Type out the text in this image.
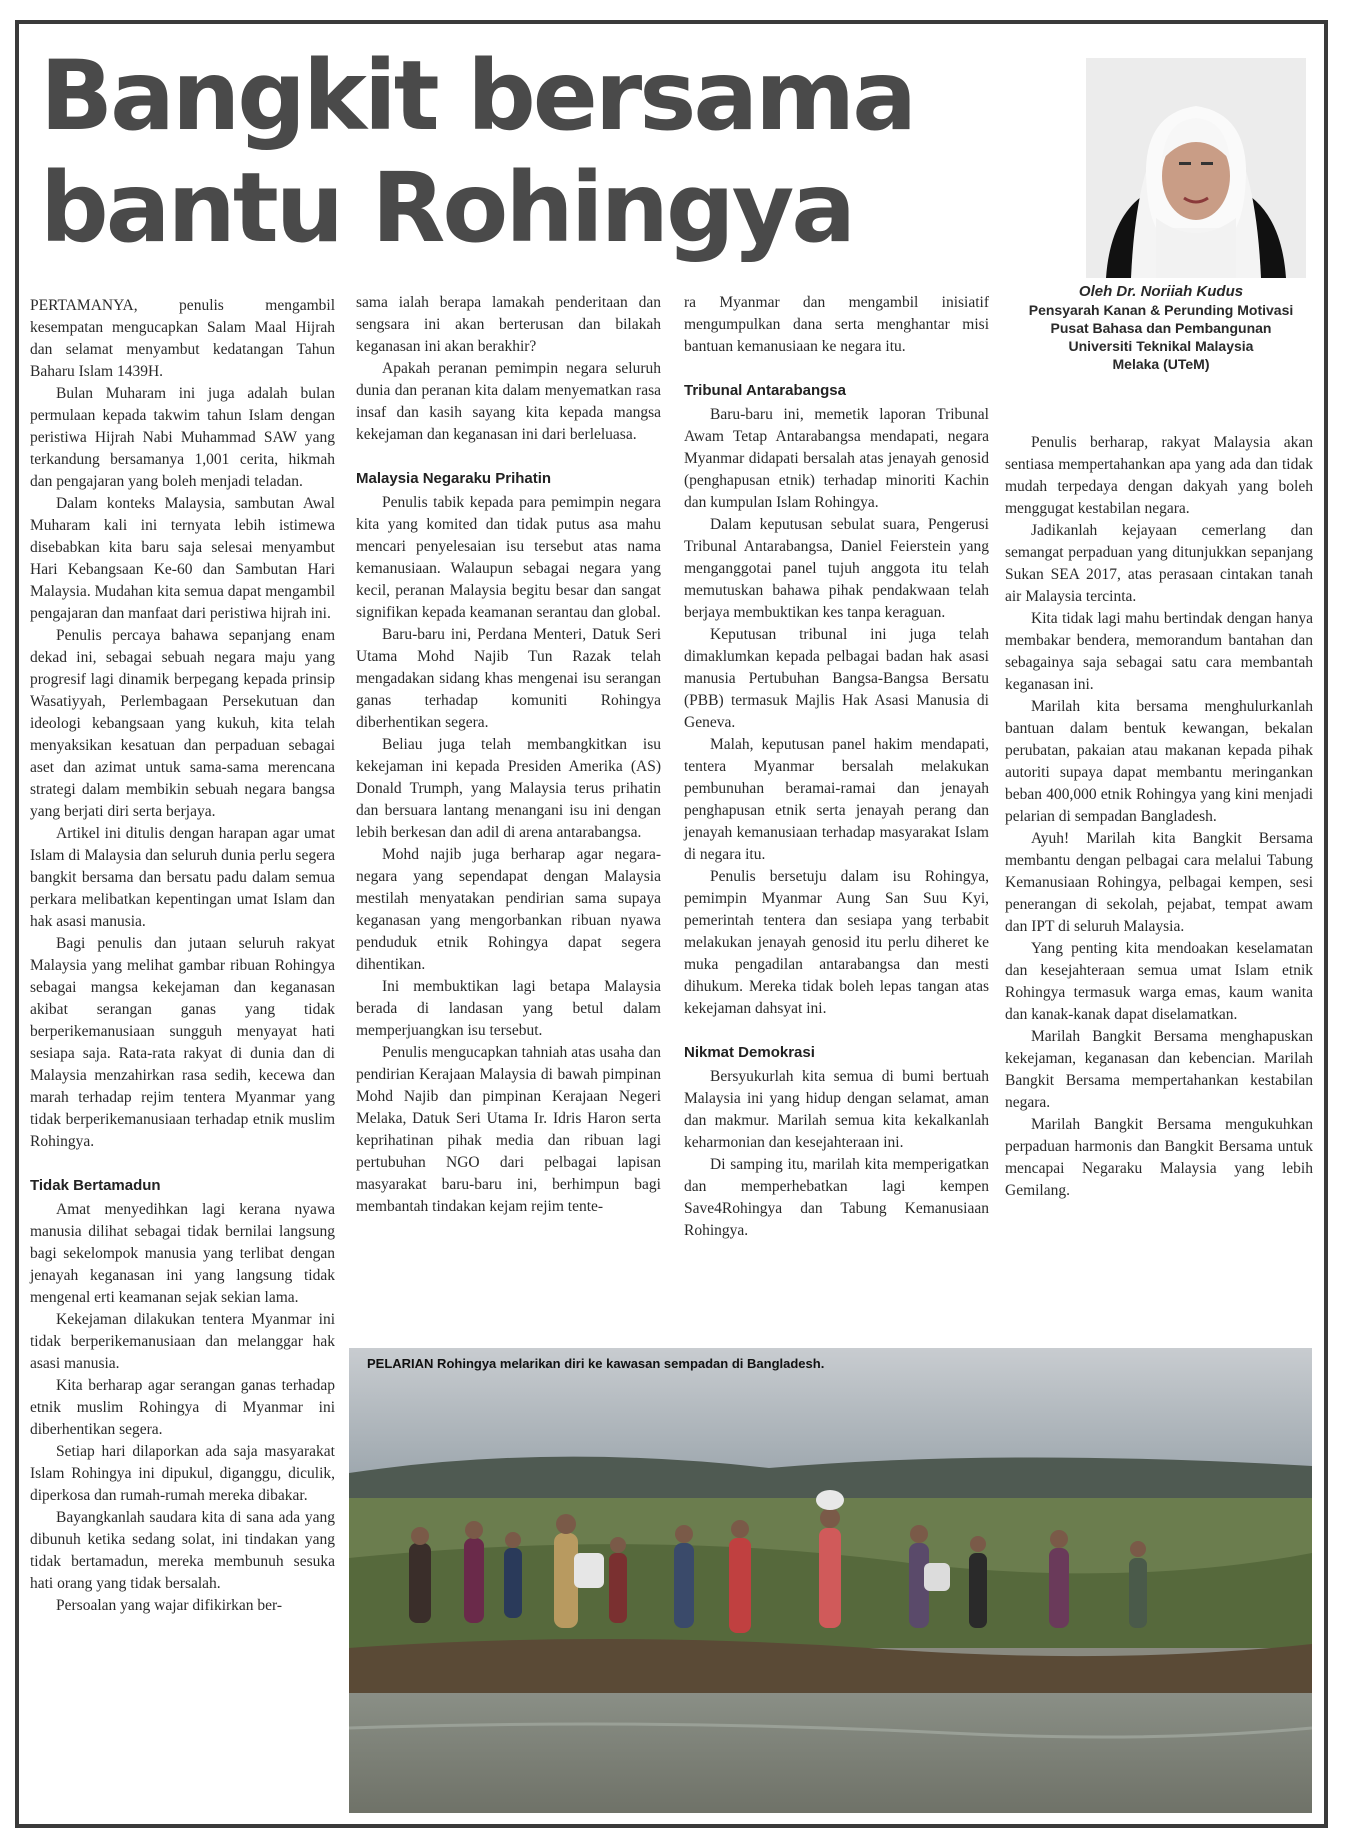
Bangkit bersama
bantu Rohingya
Oleh Dr. Noriiah Kudus
Pensyarah Kanan & Perunding Motivasi
Pusat Bahasa dan Pembangunan
Universiti Teknikal Malaysia
Melaka (UTeM)

PERTAMANYA, penulis mengambil kesempatan mengucapkan Salam Maal Hijrah dan selamat menyambut kedatangan Tahun Baharu Islam 1439H.

Bulan Muharam ini juga adalah bulan permulaan kepada takwim tahun Islam dengan peristiwa Hijrah Nabi Muhammad SAW yang terkandung bersamanya 1,001 cerita, hikmah dan pengajaran yang boleh menjadi teladan.

Dalam konteks Malaysia, sambutan Awal Muharam kali ini ternyata lebih istimewa disebabkan kita baru saja selesai menyambut Hari Kebangsaan Ke-60 dan Sambutan Hari Malaysia. Mudahan kita semua dapat mengambil pengajaran dan manfaat dari peristiwa hijrah ini.

Penulis percaya bahawa sepanjang enam dekad ini, sebagai sebuah negara maju yang progresif lagi dinamik berpegang kepada prinsip Wasatiyyah, Perlembagaan Persekutuan dan ideologi kebangsaan yang kukuh, kita telah menyaksikan kesatuan dan perpaduan sebagai aset dan azimat untuk sama-sama merencana strategi dalam membikin sebuah negara bangsa yang berjati diri serta berjaya.

Artikel ini ditulis dengan harapan agar umat Islam di Malaysia dan seluruh dunia perlu segera bangkit bersama dan bersatu padu dalam semua perkara melibatkan kepentingan umat Islam dan hak asasi manusia.

Bagi penulis dan jutaan seluruh rakyat Malaysia yang melihat gambar ribuan Rohingya sebagai mangsa kekejaman dan keganasan akibat serangan ganas yang tidak berperikemanusiaan sungguh menyayat hati sesiapa saja. Rata-rata rakyat di dunia dan di Malaysia menzahirkan rasa sedih, kecewa dan marah terhadap rejim tentera Myanmar yang tidak berperikemanusiaan terhadap etnik muslim Rohingya.

Tidak Bertamadun

Amat menyedihkan lagi kerana nyawa manusia dilihat sebagai tidak bernilai langsung bagi sekelompok manusia yang terlibat dengan jenayah keganasan ini yang langsung tidak mengenal erti keamanan sejak sekian lama.

Kekejaman dilakukan tentera Myanmar ini tidak berperikemanusiaan dan melanggar hak asasi manusia.

Kita berharap agar serangan ganas terhadap etnik muslim Rohingya di Myanmar ini diberhentikan segera.

Setiap hari dilaporkan ada saja masyarakat Islam Rohingya ini dipukul, diganggu, diculik, diperkosa dan rumah-rumah mereka dibakar.

Bayangkanlah saudara kita di sana ada yang dibunuh ketika sedang solat, ini tindakan yang tidak bertamadun, mereka membunuh sesuka hati orang yang tidak bersalah.

Persoalan yang wajar difikirkan ber-

sama ialah berapa lamakah penderitaan dan sengsara ini akan berterusan dan bilakah keganasan ini akan berakhir?

Apakah peranan pemimpin negara seluruh dunia dan peranan kita dalam menyematkan rasa insaf dan kasih sayang kita kepada mangsa kekejaman dan keganasan ini dari berleluasa.

Malaysia Negaraku Prihatin

Penulis tabik kepada para pemimpin negara kita yang komited dan tidak putus asa mahu mencari penyelesaian isu tersebut atas nama kemanusiaan. Walaupun sebagai negara yang kecil, peranan Malaysia begitu besar dan sangat signifikan kepada keamanan serantau dan global.

Baru-baru ini, Perdana Menteri, Datuk Seri Utama Mohd Najib Tun Razak telah mengadakan sidang khas mengenai isu serangan ganas terhadap komuniti Rohingya diberhentikan segera.

Beliau juga telah membangkitkan isu kekejaman ini kepada Presiden Amerika (AS) Donald Trumph, yang Malaysia terus prihatin dan bersuara lantang menangani isu ini dengan lebih berkesan dan adil di arena antarabangsa.

Mohd najib juga berharap agar negara-negara yang sependapat dengan Malaysia mestilah menyatakan pendirian sama supaya keganasan yang mengorbankan ribuan nyawa penduduk etnik Rohingya dapat segera dihentikan.

Ini membuktikan lagi betapa Malaysia berada di landasan yang betul dalam memperjuangkan isu tersebut.

Penulis mengucapkan tahniah atas usaha dan pendirian Kerajaan Malaysia di bawah pimpinan Mohd Najib dan pimpinan Kerajaan Negeri Melaka, Datuk Seri Utama Ir. Idris Haron serta keprihatinan pihak media dan ribuan lagi pertubuhan NGO dari pelbagai lapisan masyarakat baru-baru ini, berhimpun bagi membantah tindakan kejam rejim tente-

ra Myanmar dan mengambil inisiatif mengumpulkan dana serta menghantar misi bantuan kemanusiaan ke negara itu.

Tribunal Antarabangsa

Baru-baru ini, memetik laporan Tribunal Awam Tetap Antarabangsa mendapati, negara Myanmar didapati bersalah atas jenayah genosid (penghapusan etnik) terhadap minoriti Kachin dan kumpulan Islam Rohingya.

Dalam keputusan sebulat suara, Pengerusi Tribunal Antarabangsa, Daniel Feierstein yang menganggotai panel tujuh anggota itu telah memutuskan bahawa pihak pendakwaan telah berjaya membuktikan kes tanpa keraguan.

Keputusan tribunal ini juga telah dimaklumkan kepada pelbagai badan hak asasi manusia Pertubuhan Bangsa-Bangsa Bersatu (PBB) termasuk Majlis Hak Asasi Manusia di Geneva.

Malah, keputusan panel hakim mendapati, tentera Myanmar bersalah melakukan pembunuhan beramai-ramai dan jenayah penghapusan etnik serta jenayah perang dan jenayah kemanusiaan terhadap masyarakat Islam di negara itu.

Penulis bersetuju dalam isu Rohingya, pemimpin Myanmar Aung San Suu Kyi, pemerintah tentera dan sesiapa yang terbabit melakukan jenayah genosid itu perlu diheret ke muka pengadilan antarabangsa dan mesti dihukum. Mereka tidak boleh lepas tangan atas kekejaman dahsyat ini.

Nikmat Demokrasi

Bersyukurlah kita semua di bumi bertuah Malaysia ini yang hidup dengan selamat, aman dan makmur. Marilah semua kita kekalkanlah keharmonian dan kesejahteraan ini.

Di samping itu, marilah kita memperigatkan dan memperhebatkan lagi kempen Save4Rohingya dan Tabung Kemanusiaan Rohingya.

Penulis berharap, rakyat Malaysia akan sentiasa mempertahankan apa yang ada dan tidak mudah terpedaya dengan dakyah yang boleh menggugat kestabilan negara.

Jadikanlah kejayaan cemerlang dan semangat perpaduan yang ditunjukkan sepanjang Sukan SEA 2017, atas perasaan cintakan tanah air Malaysia tercinta.

Kita tidak lagi mahu bertindak dengan hanya membakar bendera, memorandum bantahan dan sebagainya saja sebagai satu cara membantah keganasan ini.

Marilah kita bersama menghulurkanlah bantuan dalam bentuk kewangan, bekalan perubatan, pakaian atau makanan kepada pihak autoriti supaya dapat membantu meringankan beban 400,000 etnik Rohingya yang kini menjadi pelarian di sempadan Bangladesh.

Ayuh! Marilah kita Bangkit Bersama membantu dengan pelbagai cara melalui Tabung Kemanusiaan Rohingya, pelbagai kempen, sesi penerangan di sekolah, pejabat, tempat awam dan IPT di seluruh Malaysia.

Yang penting kita mendoakan keselamatan dan kesejahteraan semua umat Islam etnik Rohingya termasuk warga emas, kaum wanita dan kanak-kanak dapat diselamatkan.

Marilah Bangkit Bersama menghapuskan kekejaman, keganasan dan kebencian. Marilah Bangkit Bersama mempertahankan kestabilan negara.

Marilah Bangkit Bersama mengukuhkan perpaduan harmonis dan Bangkit Bersama untuk mencapai Negaraku Malaysia yang lebih Gemilang.

PELARIAN Rohingya melarikan diri ke kawasan sempadan di Bangladesh.
